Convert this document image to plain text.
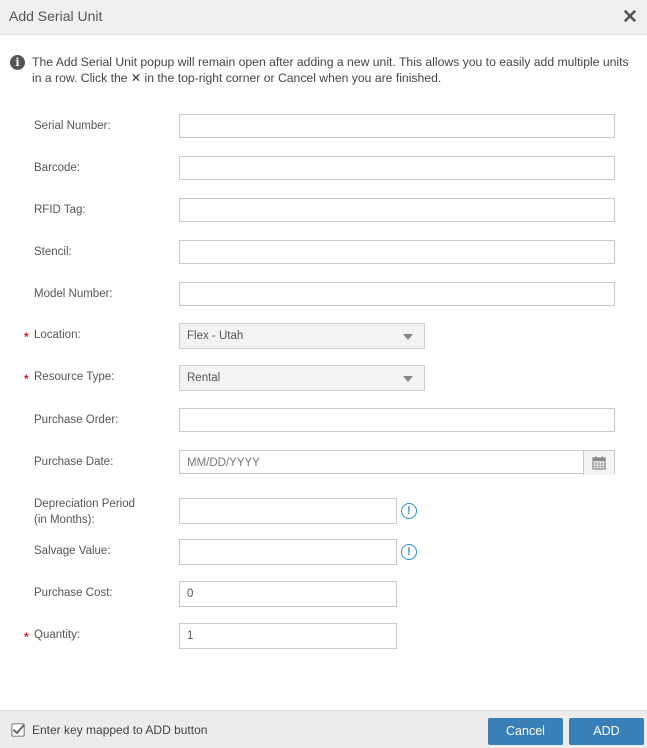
Add Serial Unit
i	The Add Serial Unit popup will remain open after adding a new unit. This allows you to easily add multiple units in a row. Click the ✕ in the top-right corner or Cancel when you are finished.
Serial Number:
Barcode:
RFID Tag:
Stencil:
Model Number:
* Location:	Flex - Utah
* Resource Type:	Rental
Purchase Order:
Purchase Date:	MM/DD/YYYY
Depreciation Period
(in Months):
!
Salvage Value:	!
Purchase Cost:	0
* Quantity:	1
Enter key mapped to ADD button	Cancel	ADD
